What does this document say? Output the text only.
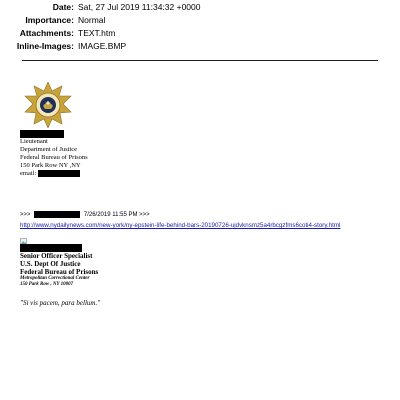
Date: Sat, 27 Jul 2019 11:34:32 +0000
Importance: Normal
Attachments: TEXT.htm
Inline-Images: IMAGE.BMP
Lieutenant
Department of Justice
Federal Bureau of Prisons
150 Park Row NY ,NY
email:
>>>	7/26/2019 11:55 PM >>>
http://www.nydailynews.com/new-york/ny-epstein-life-behind-bars-20190726-ujdvknsmz5a4rbcgzfms6coti4-story.html
Senior Officer Specialist
U.S. Dept Of Justice
Federal Bureau of Prisons
Metropolitan Correctional Center
150 Park Row , NY 10007
"Si vis pacem, para bellum."
